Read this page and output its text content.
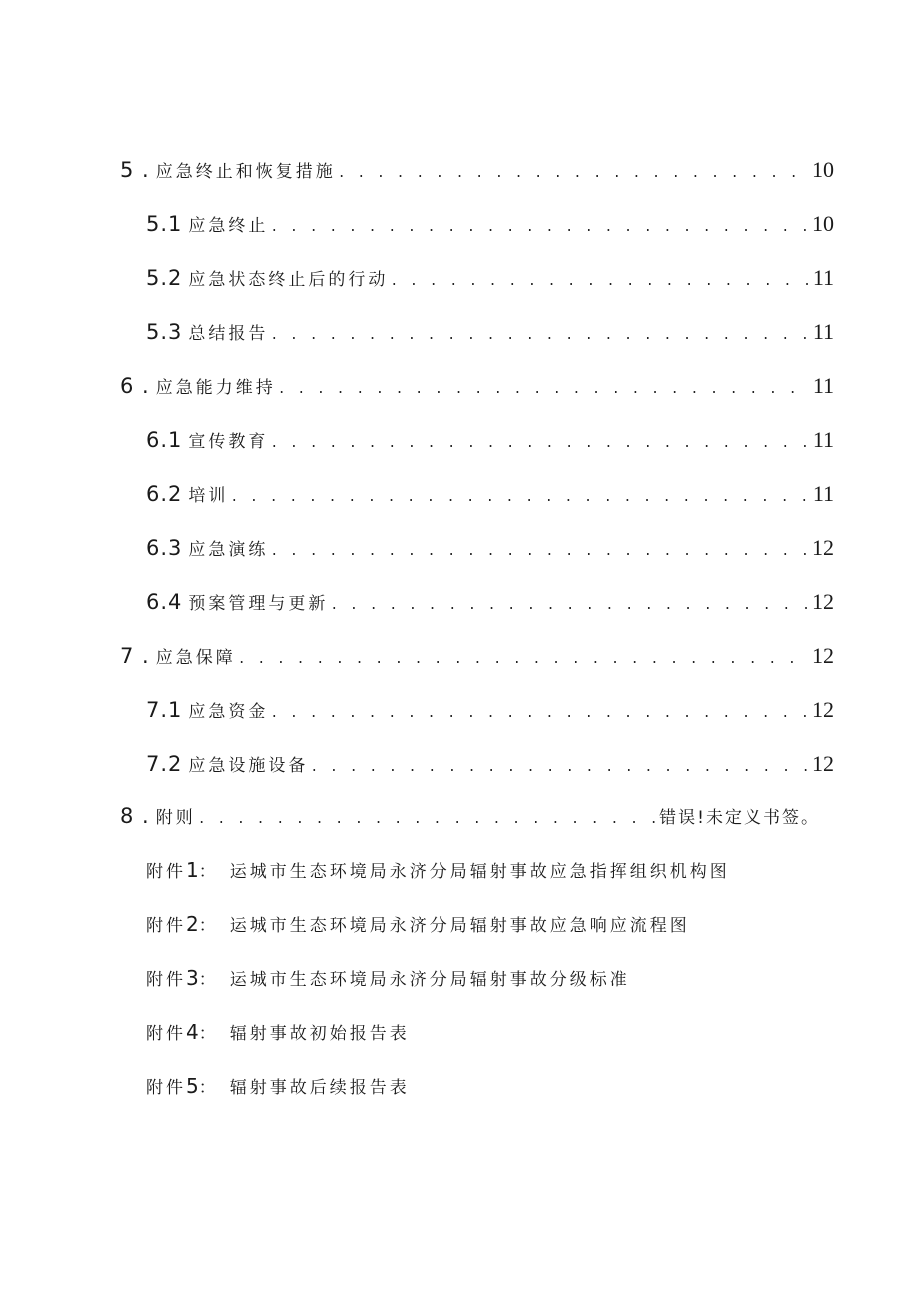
5 . 应急终止和恢复措施 . . .	10
5.1 应急终止 . . .	10
5.2 应急状态终止后的行动 . . .	11
5.3 总结报告 . . .	11
6 . 应急能力维持 . . .	11
6.1 宣传教育 . . .	11
6.2 培训 . . .	11
6.3 应急演练 . . .	12
6.4 预案管理与更新 . . .	12
7 . 应急保障 . . .	12
7.1 应急资金 . . .	12
7.2 应急设施设备 . . .	12
8 . 附则 . . .	错误!未定义书签。
附件 1 ： 运城市生态环境局永济分局辐射事故应急指挥组织机构图
附件 2 ： 运城市生态环境局永济分局辐射事故应急响应流程图
附件 3 ： 运城市生态环境局永济分局辐射事故分级标准
附件 4 ： 辐射事故初始报告表
附件 5 ： 辐射事故后续报告表
